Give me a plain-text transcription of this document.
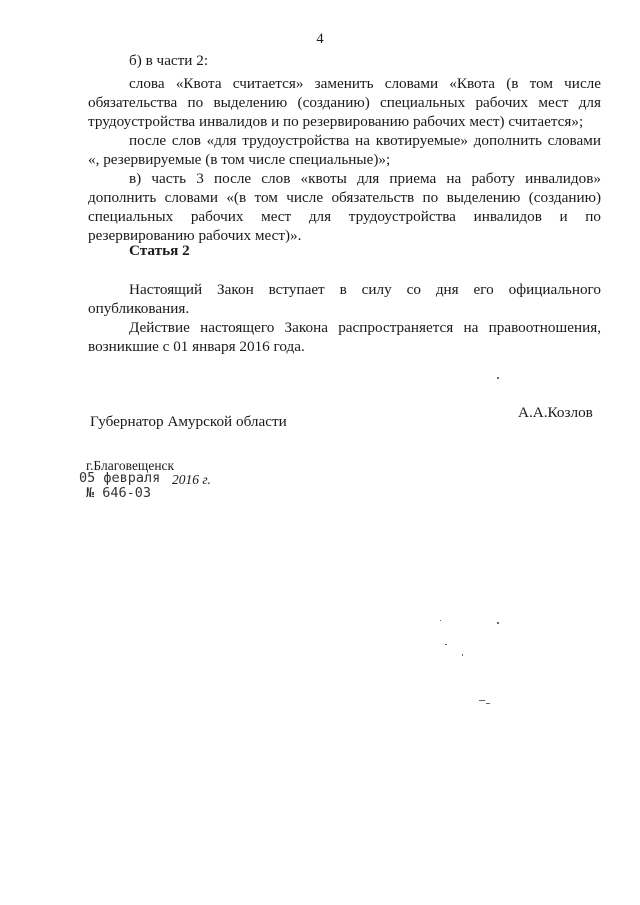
4
б) в части 2:
слова «Квота считается» заменить словами «Квота (в том числе
обязательства по выделению (созданию) специальных рабочих мест для
трудоустройства инвалидов и по резервированию рабочих мест) считается»;
после слов «для трудоустройства на квотируемые» дополнить словами
«, резервируемые (в том числе специальные)»;
в) часть 3 после слов «квоты для приема на работу инвалидов»
дополнить словами «(в том числе обязательств по выделению (созданию)
специальных рабочих мест для трудоустройства инвалидов и по
резервированию рабочих мест)».
Статья 2
Настоящий Закон вступает в силу со дня его официального
опубликования.
Действие настоящего Закона распространяется на правоотношения,
возникшие с 01 января 2016 года.
Губернатор Амурской области
А.А.Козлов
г.Благовещенск
05 февраля 2016 г.
№ 646-03
